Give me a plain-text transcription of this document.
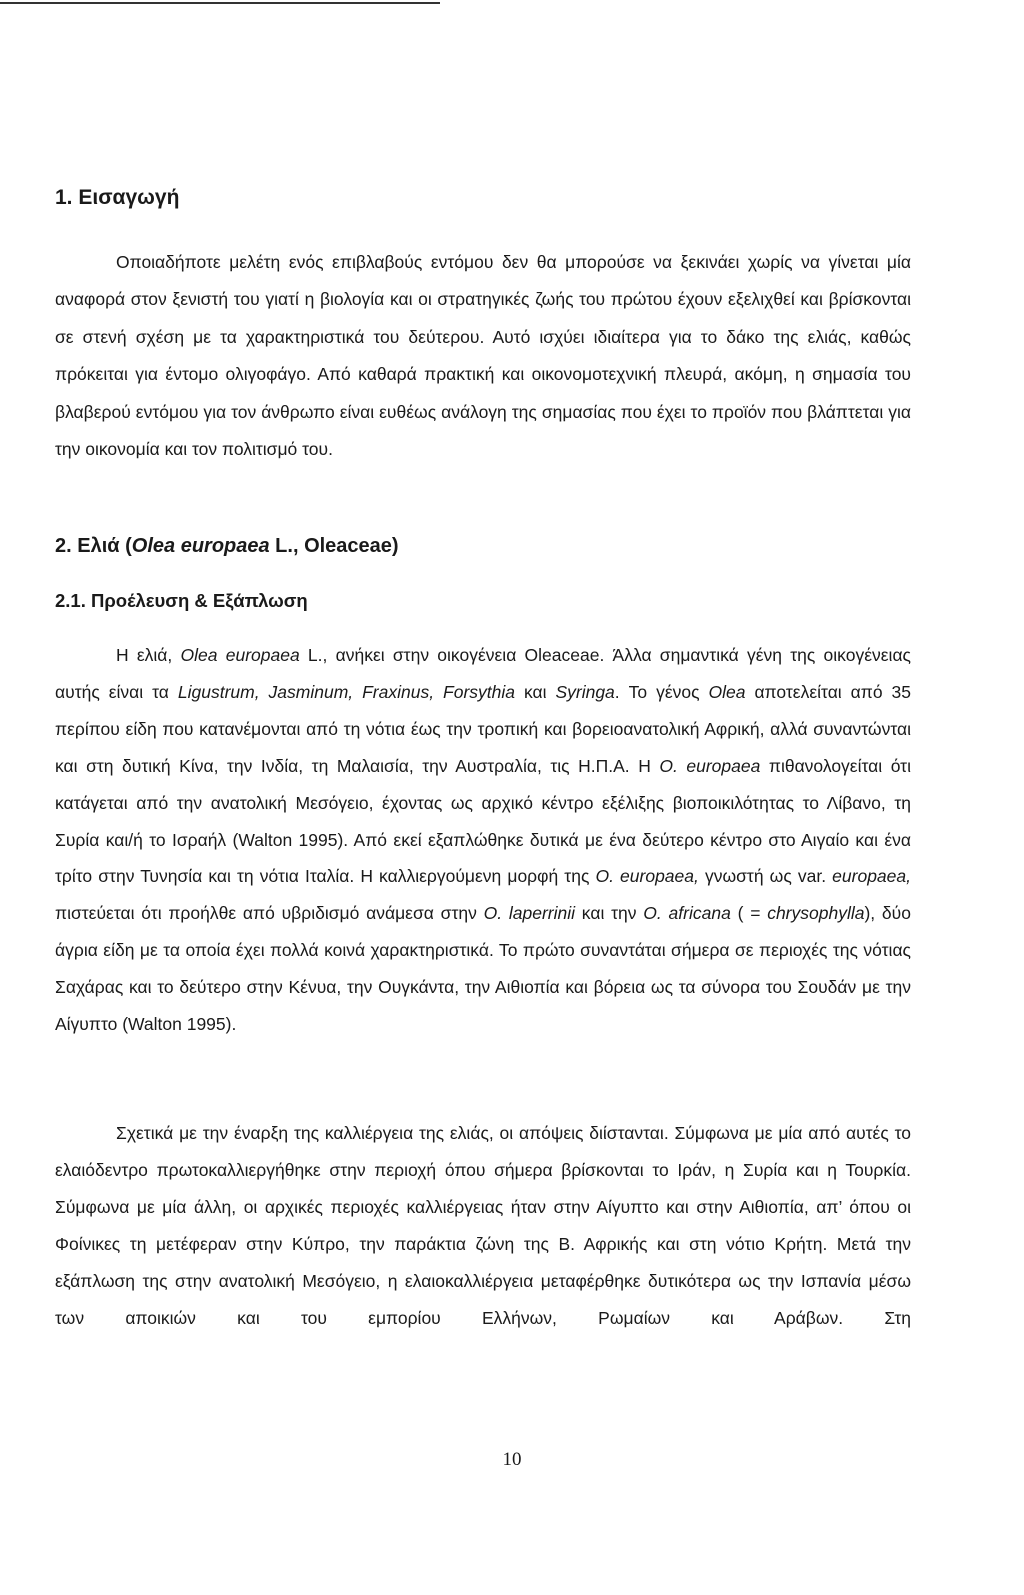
1. Εισαγωγή

Οποιαδήποτε μελέτη ενός επιβλαβούς εντόμου δεν θα μπορούσε να ξεκινάει χωρίς να γίνεται μία αναφορά στον ξενιστή του γιατί η βιολογία και οι στρατηγικές ζωής του πρώτου έχουν εξελιχθεί και βρίσκονται σε στενή σχέση με τα χαρακτηριστικά του δεύτερου. Αυτό ισχύει ιδιαίτερα για το δάκο της ελιάς, καθώς πρόκειται για έντομο ολιγοφάγο. Από καθαρά πρακτική και οικονομοτεχνική πλευρά, ακόμη, η σημασία του βλαβερού εντόμου για τον άνθρωπο είναι ευθέως ανάλογη της σημασίας που έχει το προϊόν που βλάπτεται για την οικονομία και τον πολιτισμό του.

2. Ελιά (Olea europaea L., Oleaceae)
2.1. Προέλευση & Εξάπλωση

Η ελιά, Olea europaea L., ανήκει στην οικογένεια Oleaceae. Άλλα σημαντικά γένη της οικογένειας αυτής είναι τα Ligustrum, Jasminum, Fraxinus, Forsythia και Syringa. Το γένος Olea αποτελείται από 35 περίπου είδη που κατανέμονται από τη νότια έως την τροπική και βορειοανατολική Αφρική, αλλά συναντώνται και στη δυτική Κίνα, την Ινδία, τη Μαλαισία, την Αυστραλία, τις Η.Π.Α. Η O. europaea πιθανολογείται ότι κατάγεται από την ανατολική Μεσόγειο, έχοντας ως αρχικό κέντρο εξέλιξης βιοποικιλότητας το Λίβανο, τη Συρία και/ή το Ισραήλ (Walton 1995). Από εκεί εξαπλώθηκε δυτικά με ένα δεύτερο κέντρο στο Αιγαίο και ένα τρίτο στην Τυνησία και τη νότια Ιταλία. Η καλλιεργούμενη μορφή της O. europaea, γνωστή ως var. europaea, πιστεύεται ότι προήλθε από υβριδισμό ανάμεσα στην O. laperrinii και την O. africana ( = chrysophylla), δύο άγρια είδη με τα οποία έχει πολλά κοινά χαρακτηριστικά. Το πρώτο συναντάται σήμερα σε περιοχές της νότιας Σαχάρας και το δεύτερο στην Κένυα, την Ουγκάντα, την Αιθιοπία και βόρεια ως τα σύνορα του Σουδάν με την Αίγυπτο (Walton 1995).

Σχετικά με την έναρξη της καλλιέργεια της ελιάς, οι απόψεις διίστανται. Σύμφωνα με μία από αυτές το ελαιόδεντρο πρωτοκαλλιεργήθηκε στην περιοχή όπου σήμερα βρίσκονται το Ιράν, η Συρία και η Τουρκία. Σύμφωνα με μία άλλη, οι αρχικές περιοχές καλλιέργειας ήταν στην Αίγυπτο και στην Αιθιοπία, απ’ όπου οι Φοίνικες τη μετέφεραν στην Κύπρο, την παράκτια ζώνη της Β. Αφρικής και στη νότιο Κρήτη. Μετά την εξάπλωση της στην ανατολική Μεσόγειο, η ελαιοκαλλιέργεια μεταφέρθηκε δυτικότερα ως την Ισπανία μέσω των αποικιών και του εμπορίου Ελλήνων, Ρωμαίων και Αράβων. Στη

10
